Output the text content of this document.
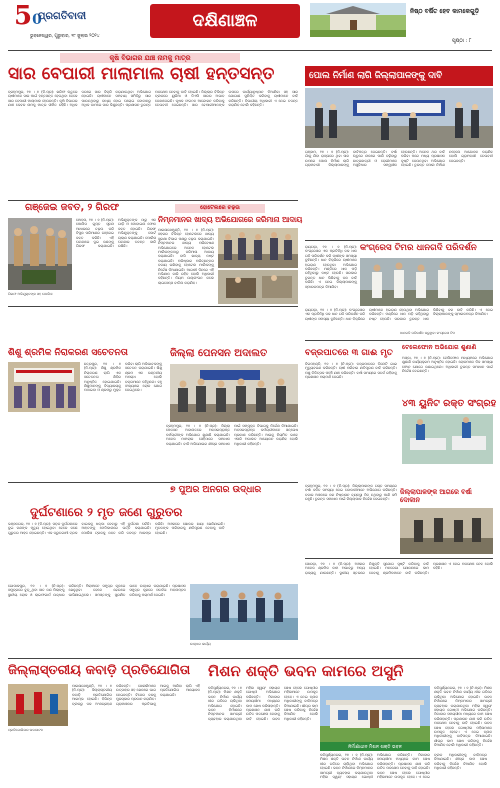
50
ପ୍ରଗତିବାଦୀ
ଭୁବନେଶ୍ୱର, ଗୁରୁବାର, ୧୮ ଜୁଲାଇ ୨୦୨୪
ଦକ୍ଷିଣାଞ୍ଚଳ	ନିଷ୍ଠ ବର୍ଷିତ ହେବ କାମକେଗୁଡ଼ି
ପୃଷ୍ଠା : ୮
କୃଷି ବିଭାଗର ଯାଞ୍ଚ ନାମକୁ ମାତ୍ର
ସାର ବେପାରୀ ମାଲାମାଲ ଚାଷୀ ହନ୍ତସନ୍ତ
ବ୍ରହ୍ମପୁର, ୧୭ । ୭ (ନି.ପ୍ର): ଖରିଫ ଋତୁରେ ଚାଷୀମାନେ ସାର ପାଇଁ ହନ୍ତସନ୍ତ ହେଉଥିବା ବେଳେ ସାର ବେପାରୀ ମାଲାମାଲ ହେଉଛନ୍ତି। କୃଷି ବିଭାଗର ଯାଞ୍ଚ କେବଳ ନାମକୁ ମାତ୍ର ସୀମିତ ରହିଛି। ଅଧିକ ଦରରେ ସାର ବିକ୍ରି କରାଯାଉଥିବା ଅଭିଯୋଗ ହୋଇଛି। ଚାଷୀମାନେ ସମବାୟ ସମିତିରୁ ସାର ପାଉନଥିବାରୁ ବାଧ୍ୟ ହୋଇ ଘରୋଇ ଦୋକାନରୁ ଅଧିକ ଦାମରେ ସାର କିଣୁଛନ୍ତି। ପ୍ରଶାସନ ତୁରନ୍ତ ପଦକ୍ଷେପ ନେବାକୁ ଦାବି ହୋଇଛି। ଜିଲ୍ଲାର ବିଭିନ୍ନ ବ୍ଲକରେ ୟୁରିଆ ଓ ଡିଏପି ସାରର ଅଭାବ ଦେଖାଦେଇଛି। କୃଷକ ସଂଗଠନ ଆନ୍ଦୋଳନ କରିବାକୁ ଚେତାବନୀ ଦେଇଛନ୍ତି। ସାର ବେପାରୀମାନଙ୍କ ଉପରେ କାର୍ଯ୍ୟାନୁଷ୍ଠାନ ନିଆଯିବା ସହ ସାର ଯୋଗାଣ ସୁନିଶ୍ଚିତ କରିବାକୁ ଚାଷୀମାନେ ଦାବି କରିଛନ୍ତି। ବିଭାଗୀୟ ଅଧିକାରୀ ଏ ନେଇ ତଦନ୍ତ କରାଯିବ ବୋଲି କହିଛନ୍ତି।
ପୋଲ ନିର୍ମାଣ ଲାଗି ଜିଲ୍ଲାପାଳଙ୍କୁ ଦାବି
ଗଞ୍ଜାମ, ୧୭ । ୭ (ନି.ପ୍ର): ଗାଁକୁ ଯିବା ରାସ୍ତାରେ ଥିବା ନାଳ ଉପରେ ପୋଲ ନିର୍ମାଣ ଲାଗି ଗ୍ରାମବାସୀ ଜିଲ୍ଲାପାଳଙ୍କୁ ଦାବିପତ୍ର ଦେଇଛନ୍ତି। ବର୍ଷା ଋତୁରେ ନାଳରେ ପାଣି ବଢ଼ିବାରୁ ଛାତ୍ରଛାତ୍ରୀ ଓ ରୋଗୀମାନେ ଅସୁବିଧାର ସମ୍ମୁଖୀନ ହେଉଛନ୍ତି। ଅନେକ ଥର ଦାବି କରିବା ପରେ ମଧ୍ୟ ପ୍ରଶାସନ ଦୃଷ୍ଟି ଦେଉନଥିବା ଅଭିଯୋଗ ହୋଇଛି। ତୁରନ୍ତ ପୋଲ ନିର୍ମାଣ ନହେଲେ ଆନ୍ଦୋଳନ କରାଯିବ ବୋଲି ଗ୍ରାମବାସୀ ଚେତାବନୀ ଦେଇଛନ୍ତି।
ଗଞ୍ଜେଇ ଜବତ, ୨ ଗିରଫ
ଗିରଫ ଅଭିଯୁକ୍ତଙ୍କ ସହ ପୋଲିସ
ମୋହନା, ୧୭ । ୭ (ନି.ପ୍ର): ପୋଲିସ ଗୁପ୍ତ ସୂଚନା ଆଧାରରେ ଚଢ଼ଉ କରି ବିପୁଳ ପରିମାଣର ଗଞ୍ଜେଇ ଜବତ କରିଛି। ଏହି ଘଟଣାରେ ଦୁଇ ଜଣଙ୍କୁ ଗିରଫ କରାଯାଇଛି। ଅଭିଯୁକ୍ତଙ୍କ ଠାରୁ ଏକ ଗାଡ଼ି ଓ ମୋବାଇଲ ଫୋନ ଜବତ ହୋଇଛି। ଗିରଫ ଅଭିଯୁକ୍ତଙ୍କୁ କୋର୍ଟ ଚାଲାଣ କରାଯାଇଛି। ପୋଲିସ ଘଟଣାର ତଦନ୍ତ ଜାରି ରଖିଛି।
ହୋଟେଲରେ ଚଢ଼ଉ
ନିମ୍ନମାନର ଖାଦ୍ୟ ଅଭିଯୋଗରେ ଜରିମାନା ଆଦାୟ
ପାରଳାଖେମୁଣ୍ଡି, ୧୭ । ୭ (ନି.ପ୍ର): ସହରର ବିଭିନ୍ନ ହୋଟେଲରେ ଖାଦ୍ୟ ସୁରକ୍ଷା ବିଭାଗ ପକ୍ଷରୁ ଚଢ଼ଉ କରାଯାଇଛି। ନିମ୍ନମାନର ଖାଦ୍ୟ ପରିବେଷଣ ଅଭିଯୋଗରେ ଅନେକ ହୋଟେଲ ମାଲିକଙ୍କଠାରୁ ଜରିମାନା ଆଦାୟ କରାଯାଇଛି। ବାସି ଖାଦ୍ୟ ନଷ୍ଟ କରାଯାଇଛି। ପରିଷ୍କାର ପରିଚ୍ଛନ୍ନତା ବଜାୟ ରଖିବାକୁ ହୋଟେଲ ମାଲିକଙ୍କୁ ନିର୍ଦ୍ଦେଶ ଦିଆଯାଇଛି। ଆଗାମୀ ଦିନରେ ଏହି ଅଭିଯାନ ଜାରି ରହିବ ବୋଲି ଅଧିକାରୀ କହିଛନ୍ତି। ନିୟମ ଉଲ୍ଲଂଘନ କଲେ ଲାଇସେନ୍ସ ବାତିଲ କରାଯିବ।
କଂଗ୍ରେସ ଟିମର ଧାନଗଦି ପରିଦର୍ଶନ
ରାୟଗଡ଼ା, ୧୭ । ୭ (ନି.ପ୍ର): କଂଗ୍ରେସର ଏକ ପ୍ରତିନିଧି ଦଳ ଧାନ ଗଦି ପରିଦର୍ଶନ କରି ଚାଷୀଙ୍କ ସମସ୍ୟା ବୁଝିଛନ୍ତି। ଧାନ ବିକ୍ରିରେ ଚାଷୀମାନେ ହଇରାଣ ହେଉଥିବା ଅଭିଯୋଗ କରିଛନ୍ତି। ମଣ୍ଡିରେ ଧାନ ପଡ଼ି ରହିଥିବାରୁ ନଷ୍ଟ ହେଉଛି। ସରକାର ତୁରନ୍ତ ଧାନ କିଣିବାକୁ ଦଳ ଦାବି କରିଛି। ଏ ନେଇ ଜିଲ୍ଲାପାଳଙ୍କୁ ସ୍ମାରକପତ୍ର ଦିଆଯିବ।
ରାୟଗଡ଼ା, ୧୭ । ୭ (ନି.ପ୍ର): କଂଗ୍ରେସର ଏକ ପ୍ରତିନିଧି ଦଳ ଧାନ ଗଦି ପରିଦର୍ଶନ କରି ଚାଷୀଙ୍କ ସମସ୍ୟା ବୁଝିଛନ୍ତି। ଧାନ ବିକ୍ରିରେ ଚାଷୀମାନେ ହଇରାଣ ହେଉଥିବା ଅଭିଯୋଗ କରିଛନ୍ତି। ମଣ୍ଡିରେ ଧାନ ପଡ଼ି ରହିଥିବାରୁ ନଷ୍ଟ ହେଉଛି। ସରକାର ତୁରନ୍ତ ଧାନ କିଣିବାକୁ ଦଳ ଦାବି କରିଛି। ଏ ନେଇ ଜିଲ୍ଲାପାଳଙ୍କୁ ସ୍ମାରକପତ୍ର ଦିଆଯିବ।
ଧାନଗଦି ପରିଦର୍ଶନ କରୁଥିବା କଂଗ୍ରେସ ଟିମ
ଶିଶୁ ଶ୍ରମିକ ନିରାକରଣ ସଚେତନତା
ଛତ୍ରପୁର, ୧୭ । ୭ (ନି.ପ୍ର): ଶିଶୁ ଶ୍ରମିକ ନିରାକରଣ ଲାଗି ଏକ ସଚେତନତା ଶିବିର ଅନୁଷ୍ଠିତ ହୋଇଯାଇଛି। ଶିଶୁମାନଙ୍କୁ ବିଦ୍ୟାଳୟକୁ ପଠାଇବା ଓ ଶ୍ରମରୁ ମୁକ୍ତ କରିବା ଲାଗି ଅଭିଭାବକଙ୍କୁ ସଚେତନ କରାଯାଇଛି। ଶିଶୁ ଶ୍ରମ ଏକ ଦଣ୍ଡନୀୟ ଅପରାଧ ବୋଲି ବକ୍ତାମାନେ କହିଥିଲେ। ବହୁ ସଂଖ୍ୟାରେ ଲୋକ ଯୋଗ ଦେଇଥିଲେ।
ଜିଲ୍ଲା ପେନସନ ଅଦାଲତ
ବ୍ରହ୍ମପୁର, ୧୭ । ୭ (ନି.ପ୍ର): ଜିଲ୍ଲା ପେନସନ ଅଦାଲତରେ ଅବସରପ୍ରାପ୍ତ କର୍ମଚାରୀଙ୍କ ଅଭିଯୋଗ ଶୁଣାଣି କରାଯାଇଛି। ଅନେକ ମାମଲାର ସେହିଠାରେ ସମାଧାନ କରାଯାଇଛି। ବାକି ଅଭିଯୋଗର ଶୀଘ୍ର ସମାଧାନ ପାଇଁ ସମ୍ପୃକ୍ତ ବିଭାଗକୁ ନିର୍ଦ୍ଦେଶ ଦିଆଯାଇଛି। ଅବସରପ୍ରାପ୍ତ କର୍ମଚାରୀମାନେ ସନ୍ତୋଷ ପ୍ରକାଶ କରିଛନ୍ତି। ଆଗକୁ ନିୟମିତ ଭାବେ ଏପରି ଅଦାଲତ ଆୟୋଜନ କରାଯିବ ବୋଲି ଅଧିକାରୀ କହିଛନ୍ତି।
ବଜ୍ରପାତରେ ୩ ଗାଈ ମୃତ
ଦିଗପହଣ୍ଡି, ୧୭ । ୭ (ନି.ପ୍ର): ବଜ୍ରପାତରେ ତିନୋଟି ଗାଈ ମୃତ୍ୟୁବରଣ କରିଛନ୍ତି। ଚାଷୀ ପରିବାର କ୍ଷତିପୂରଣ ଦାବି କରିଛନ୍ତି। ପଶୁ ଚିକିତ୍ସକ ପହଞ୍ଚି ଯାଞ୍ଚ କରିଛନ୍ତି। ବର୍ଷା ସମୟରେ ସତର୍କ ରହିବାକୁ ପ୍ରଶାସନ ପରାମର୍ଶ ଦେଇଛି।
ଟେଲେଫୋନ ଅଭିଯୋଗ ଶୁଣାଣି
ଅସ୍କା, ୧୭ । ୭ (ନି.ପ୍ର): ଟେଲିଫୋନ ମାଧ୍ୟମରେ ଅଭିଯୋଗ ଶୁଣାଣି କାର୍ଯ୍ୟକ୍ରମ ଅନୁଷ୍ଠିତ ହୋଇଛି। ଲୋକମାନେ ନିଜ ସମସ୍ୟା ଫୋନ ଯୋଗେ ଜଣାଇଥିଲେ। ଅଧିକାରୀ ତୁରନ୍ତ ସମାଧାନ ପାଇଁ ନିର୍ଦ୍ଦେଶ ଦେଇଛନ୍ତି।
୪୩ ୟୁନିଟ ରକ୍ତ ସଂଗ୍ରହ
ଜିଲ୍ଲାପାଳଙ୍କ ଆଗରେ ବର୍ଷା ଦୋକାନ
ବ୍ରହ୍ମପୁର, ୧୭ । ୭ (ନି.ପ୍ର): ଜିଲ୍ଲାପାଳଙ୍କ ଗସ୍ତ ସମୟରେ ବର୍ଷା ଜନିତ ସମସ୍ୟା ନେଇ ଦୋକାନୀମାନେ ଅଭିଯୋଗ କରିଛନ୍ତି। ବଜାର ଅଞ୍ଚଳରେ ଜଳ ନିଷ୍କାସନ ବ୍ୟବସ୍ଥା ଠିକ ନଥିବାରୁ ପାଣି ଜମି ରହୁଛି। ତୁରନ୍ତ ସମାଧାନ ପାଇଁ ଜିଲ୍ଲାପାଳ ନିର୍ଦ୍ଦେଶ ଦେଇଛନ୍ତି।
ଦୁର୍ଘଟଣାରେ ୨ ମୃତ ଜଣେ ଗୁରୁତର
ଭଞ୍ଜନଗର, ୧୭ । ୭ (ନି.ପ୍ର): ସଡ଼କ ଦୁର୍ଘଟଣାରେ ଦୁଇ ଜଣଙ୍କ ମୃତ୍ୟୁ ହୋଇଥିବା ବେଳେ ଜଣେ ଗୁରୁତର ଆହତ ହୋଇଛନ୍ତି। ଏକ ଦ୍ରୁତଗାମୀ ଟ୍ରକ ବାଇକକୁ ଧକ୍କା ଦେବାରୁ ଏହି ଦୁର୍ଘଟଣା ଘଟିଛି। ଆହତଙ୍କୁ ମେଡିକାଲରେ ଭର୍ତ୍ତି କରାଯାଇଛି। ପୋଲିସ ଟ୍ରକକୁ ଜବତ କରି ତଦନ୍ତ ଆରମ୍ଭ କରିଛି। ଅଞ୍ଚଳରେ ଶୋକର ଛାୟା ଖେଳିଯାଇଛି। ମୃତକଙ୍କ ପରିବାରକୁ କ୍ଷତିପୂରଣ ଦେବାକୁ ଦାବି ହୋଇଛି।
୭ ପୁଅର ଅନଗର ଉଦ୍ଧାର
ଉଦ୍ଧାର କାର୍ଯ୍ୟ
ଗୋପାଳପୁର, ୧୭ । ୭ (ନି.ପ୍ର): ସମୁଦ୍ରରେ ବୁଡ଼ୁଥିବା ସାତ ଜଣ ପିଲାଙ୍କୁ ସ୍ଥାନୀୟ ଲୋକ ଓ ଲାଇଫଗାର୍ଡ ଉଦ୍ଧାର କରିଛନ୍ତି। ପିଲାମାନେ ସମୁଦ୍ର କୂଳରେ ଖେଳୁଥିବା ବେଳେ ଢେଉରେ ଭାସିଯାଇଥିଲେ। ସମସ୍ତଙ୍କୁ ସୁରକ୍ଷିତ ଭାବେ ଉଦ୍ଧାର କରାଯାଇଛି। ପ୍ରଶାସନ ସମୁଦ୍ର କୂଳରେ ସତର୍କତା ଅବଲମ୍ବନ କରିବାକୁ ପରାମର୍ଶ ଦେଇଛି।
ସୋରଡ଼ା, ୧୭ । ୭ (ନି.ପ୍ର): ଅଞ୍ଚଳର ଅନେକ ଶ୍ରମିକ କାମ ଅଭାବରୁ ଅନ୍ୟ ରାଜ୍ୟକୁ ଯାଉଛନ୍ତି। ସ୍ଥାନୀୟ ସ୍ତରରେ ନିଯୁକ୍ତି ସୁଯୋଗ ସୃଷ୍ଟି କରିବାକୁ ଦାବି ହୋଇଛି। ମନରେଗା ଯୋଜନାରେ କାମ ଦେବାକୁ ଶ୍ରମିକମାନେ ଦାବି କରିଛନ୍ତି। ପ୍ରଶାସନ ଏ ନେଇ ପଦକ୍ଷେପ ନେବ ବୋଲି କହିଛି।
ଜିଲ୍ଲାସ୍ତରୀୟ କବାଡ଼ି ପ୍ରତିଯୋଗିତା
ପ୍ରତିଯୋଗିତାର ଉଦଘାଟନ
ପାରଳାଖେମୁଣ୍ଡି, ୧୭ । ୭ (ନି.ପ୍ର): ଜିଲ୍ଲାସ୍ତରୀୟ କବାଡ଼ି ପ୍ରତିଯୋଗିତା ଆରମ୍ଭ ହୋଇଛି। ବିଭିନ୍ନ ବ୍ଲକରୁ ଦଳ ଅଂଶଗ୍ରହଣ କରିଛନ୍ତି। ଖେଳାଳିମାନେ ଉତ୍ସାହର ସହ ଖେଳରେ ଭାଗ ନେଇଛନ୍ତି। ବିଜେତା ଦଳକୁ ପୁରସ୍କାର ପ୍ରଦାନ କରାଯିବ। ଗ୍ରାମାଞ୍ଚଳର ପ୍ରତିଭାକୁ ଆଗକୁ ଆଣିବା ଲାଗି ଏହି ପ୍ରତିଯୋଗିତା ଆୟୋଜନ କରାଯାଇଛି।
ମିଶନ ଶକ୍ତି ଭବନ କାମରେ ଅସୁନି
କବିସୂର୍ଯ୍ୟନଗର, ୧୭ । ୭ (ନି.ପ୍ର): ମିଶନ ଶକ୍ତି ଭବନ ନିର୍ମାଣ କାର୍ଯ୍ୟ ଧୀର ଗତିରେ ଚାଲିଥିବା ଅଭିଯୋଗ ହୋଇଛି। ଭବନ ନିର୍ମାଣରେ ନିମ୍ନମାନର ସାମଗ୍ରୀ ବ୍ୟବହାର କରାଯାଉଥିବା ମହିଳା ସ୍ୱୟଂ ସହାୟକ ଗୋଷ୍ଠୀ ଅଭିଯୋଗ କରିଛନ୍ତି। ଠିକାଦାର ସମୟସୀମା ମଧ୍ୟରେ କାମ ଶେଷ କରିନାହାନ୍ତି। ପ୍ରଶାସନ ଯାଞ୍ଚ କରି ଉଚିତ ପଦକ୍ଷେପ ନେବାକୁ ଦାବି ହୋଇଛି। ଭବନ ଶେଷ ହେଲେ ଗୋଷ୍ଠୀର ମହିଳାମାନେ ଉପକୃତ ହେବେ। ଏ ନେଇ ବ୍ଲକ ଅଧିକାରୀଙ୍କୁ ଦାବିପତ୍ର ଦିଆଯାଇଛି। ଶୀଘ୍ର କାମ ଶେଷ କରିବାକୁ ନିର୍ଦ୍ଦେଶ ଦିଆଯିବ ବୋଲି ଅଧିକାରୀ କହିଛନ୍ତି।
ନିର୍ମାଣାଧୀନ ମିଶନ ଶକ୍ତି ଭବନ
କବିସୂର୍ଯ୍ୟନଗର, ୧୭ । ୭ (ନି.ପ୍ର): ମିଶନ ଶକ୍ତି ଭବନ ନିର୍ମାଣ କାର୍ଯ୍ୟ ଧୀର ଗତିରେ ଚାଲିଥିବା ଅଭିଯୋଗ ହୋଇଛି। ଭବନ ନିର୍ମାଣରେ ନିମ୍ନମାନର ସାମଗ୍ରୀ ବ୍ୟବହାର କରାଯାଉଥିବା ମହିଳା ସ୍ୱୟଂ ସହାୟକ ଗୋଷ୍ଠୀ ଅଭିଯୋଗ କରିଛନ୍ତି। ଠିକାଦାର ସମୟସୀମା ମଧ୍ୟରେ କାମ ଶେଷ କରିନାହାନ୍ତି। ପ୍ରଶାସନ ଯାଞ୍ଚ କରି ଉଚିତ ପଦକ୍ଷେପ ନେବାକୁ ଦାବି ହୋଇଛି। ଭବନ ଶେଷ ହେଲେ ଗୋଷ୍ଠୀର ମହିଳାମାନେ ଉପକୃତ ହେବେ। ଏ ନେଇ ବ୍ଲକ ଅଧିକାରୀଙ୍କୁ ଦାବିପତ୍ର ଦିଆଯାଇଛି। ଶୀଘ୍ର କାମ ଶେଷ କରିବାକୁ ନିର୍ଦ୍ଦେଶ ଦିଆଯିବ ବୋଲି ଅଧିକାରୀ କହିଛନ୍ତି।
କବିସୂର୍ଯ୍ୟନଗର, ୧୭ । ୭ (ନି.ପ୍ର): ମିଶନ ଶକ୍ତି ଭବନ ନିର୍ମାଣ କାର୍ଯ୍ୟ ଧୀର ଗତିରେ ଚାଲିଥିବା ଅଭିଯୋଗ ହୋଇଛି। ଭବନ ନିର୍ମାଣରେ ନିମ୍ନମାନର ସାମଗ୍ରୀ ବ୍ୟବହାର କରାଯାଉଥିବା ମହିଳା ସ୍ୱୟଂ ସହାୟକ ଗୋଷ୍ଠୀ ଅଭିଯୋଗ କରିଛନ୍ତି। ଠିକାଦାର ସମୟସୀମା ମଧ୍ୟରେ କାମ ଶେଷ କରିନାହାନ୍ତି। ପ୍ରଶାସନ ଯାଞ୍ଚ କରି ଉଚିତ ପଦକ୍ଷେପ ନେବାକୁ ଦାବି ହୋଇଛି। ଭବନ ଶେଷ ହେଲେ ଗୋଷ୍ଠୀର ମହିଳାମାନେ ଉପକୃତ ହେବେ। ଏ ନେଇ ବ୍ଲକ ଅଧିକାରୀଙ୍କୁ ଦାବିପତ୍ର ଦିଆଯାଇଛି। ଶୀଘ୍ର କାମ ଶେଷ କରିବାକୁ ନିର୍ଦ୍ଦେଶ ଦିଆଯିବ ବୋଲି ଅଧିକାରୀ କହିଛନ୍ତି।
